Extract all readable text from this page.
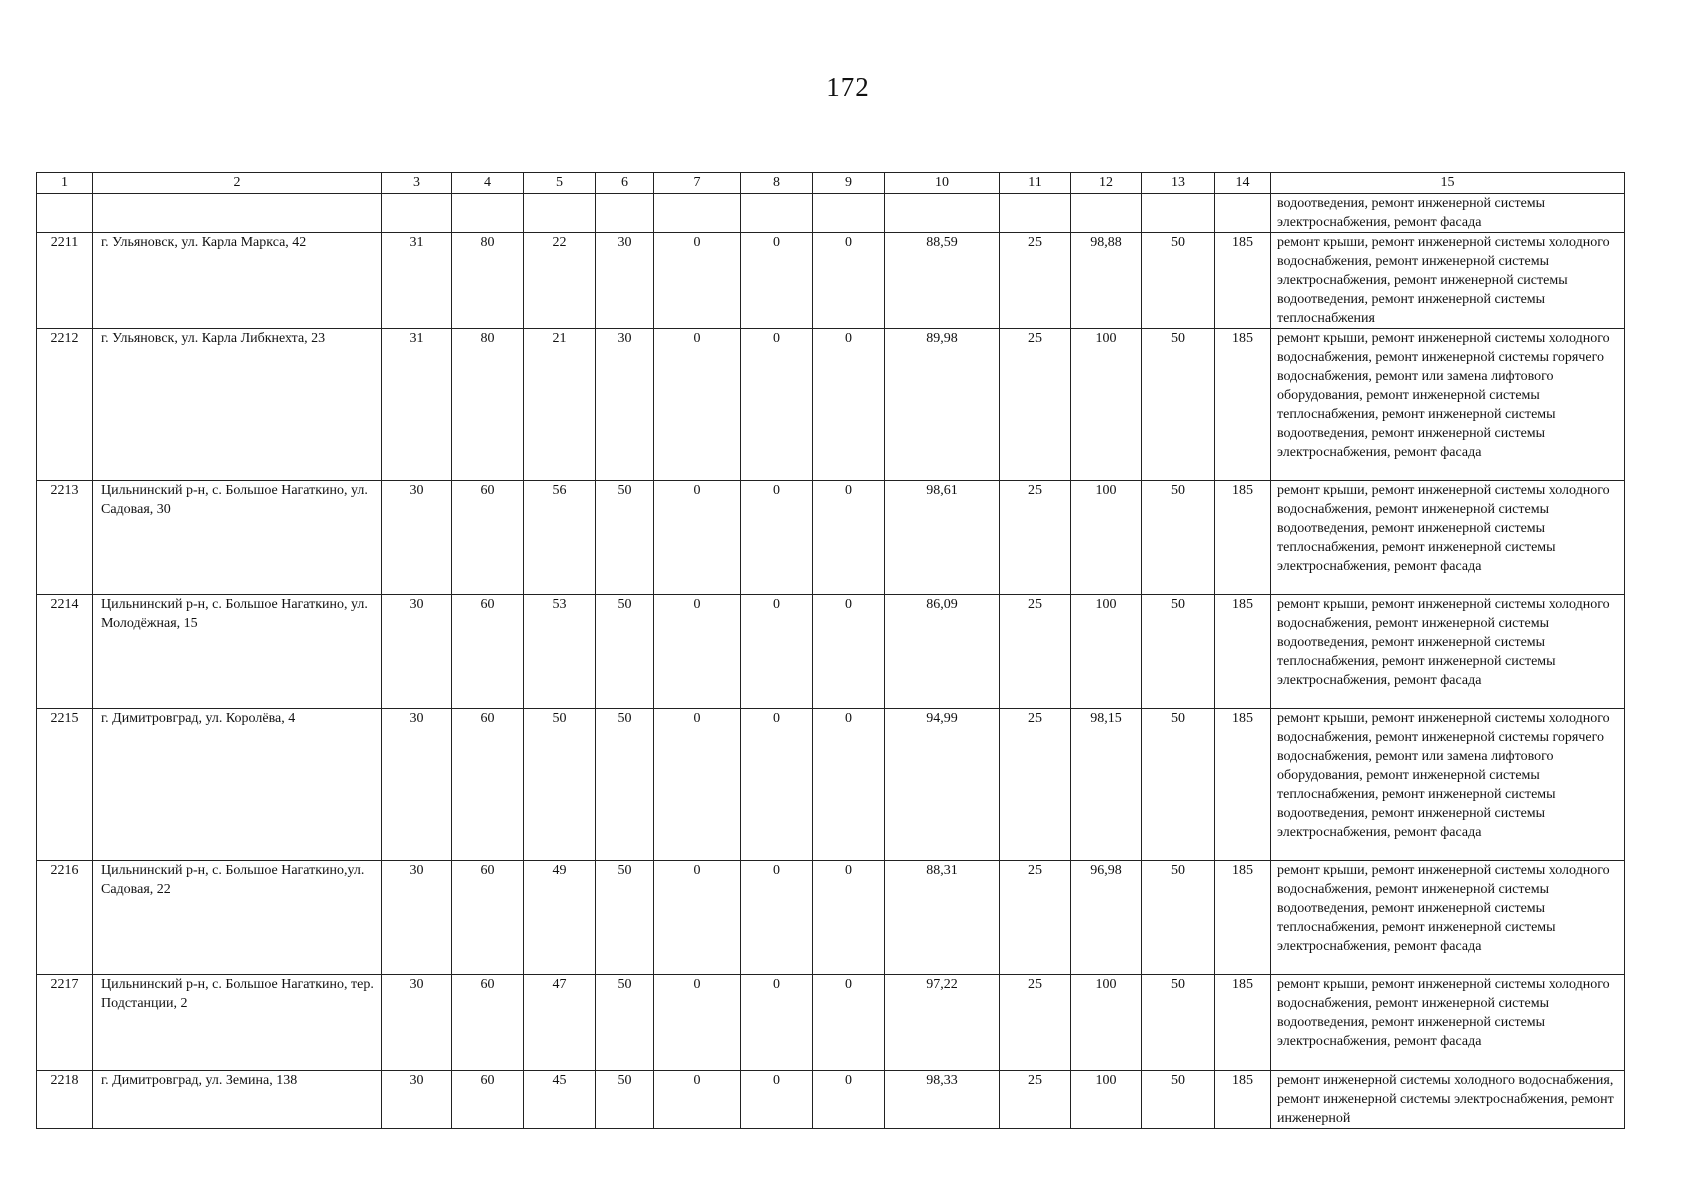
172
1	2	3	4	5	6	7	8	9	10	11	12	13	14	15
														водоотведения, ремонт инженерной системы электроснабжения, ремонт фасада
2211	г. Ульяновск, ул. Карла Маркса, 42	31	80	22	30	0	0	0	88,59	25	98,88	50	185	ремонт крыши, ремонт инженерной системы холодного водоснабжения, ремонт инженерной системы электроснабжения, ремонт инженерной системы водоотведения, ремонт инженерной системы теплоснабжения
2212	г. Ульяновск, ул. Карла Либкнехта, 23	31	80	21	30	0	0	0	89,98	25	100	50	185	ремонт крыши, ремонт инженерной системы холодного водоснабжения, ремонт инженерной системы горячего водоснабжения, ремонт или замена лифтового оборудования, ремонт инженерной системы теплоснабжения, ремонт инженерной системы водоотведения, ремонт инженерной системы электроснабжения, ремонт фасада
2213	Цильнинский р-н, с. Большое Нагаткино, ул. Садовая, 30	30	60	56	50	0	0	0	98,61	25	100	50	185	ремонт крыши, ремонт инженерной системы холодного водоснабжения, ремонт инженерной системы водоотведения, ремонт инженерной системы теплоснабжения, ремонт инженерной системы электроснабжения, ремонт фасада
2214	Цильнинский р-н, с. Большое Нагаткино, ул. Молодёжная, 15	30	60	53	50	0	0	0	86,09	25	100	50	185	ремонт крыши, ремонт инженерной системы холодного водоснабжения, ремонт инженерной системы водоотведения, ремонт инженерной системы теплоснабжения, ремонт инженерной системы электроснабжения, ремонт фасада
2215	г. Димитровград, ул. Королёва, 4	30	60	50	50	0	0	0	94,99	25	98,15	50	185	ремонт крыши, ремонт инженерной системы холодного водоснабжения, ремонт инженерной системы горячего водоснабжения, ремонт или замена лифтового оборудования, ремонт инженерной системы теплоснабжения, ремонт инженерной системы водоотведения, ремонт инженерной системы электроснабжения, ремонт фасада
2216	Цильнинский р-н, с. Большое Нагаткино,ул. Садовая, 22	30	60	49	50	0	0	0	88,31	25	96,98	50	185	ремонт крыши, ремонт инженерной системы холодного водоснабжения, ремонт инженерной системы водоотведения, ремонт инженерной системы теплоснабжения, ремонт инженерной системы электроснабжения, ремонт фасада
2217	Цильнинский р-н, с. Большое Нагаткино, тер. Подстанции, 2	30	60	47	50	0	0	0	97,22	25	100	50	185	ремонт крыши, ремонт инженерной системы холодного водоснабжения, ремонт инженерной системы водоотведения, ремонт инженерной системы электроснабжения, ремонт фасада
2218	г. Димитровград, ул. Земина, 138	30	60	45	50	0	0	0	98,33	25	100	50	185	ремонт инженерной системы холодного водоснабжения, ремонт инженерной системы электроснабжения, ремонт инженерной
